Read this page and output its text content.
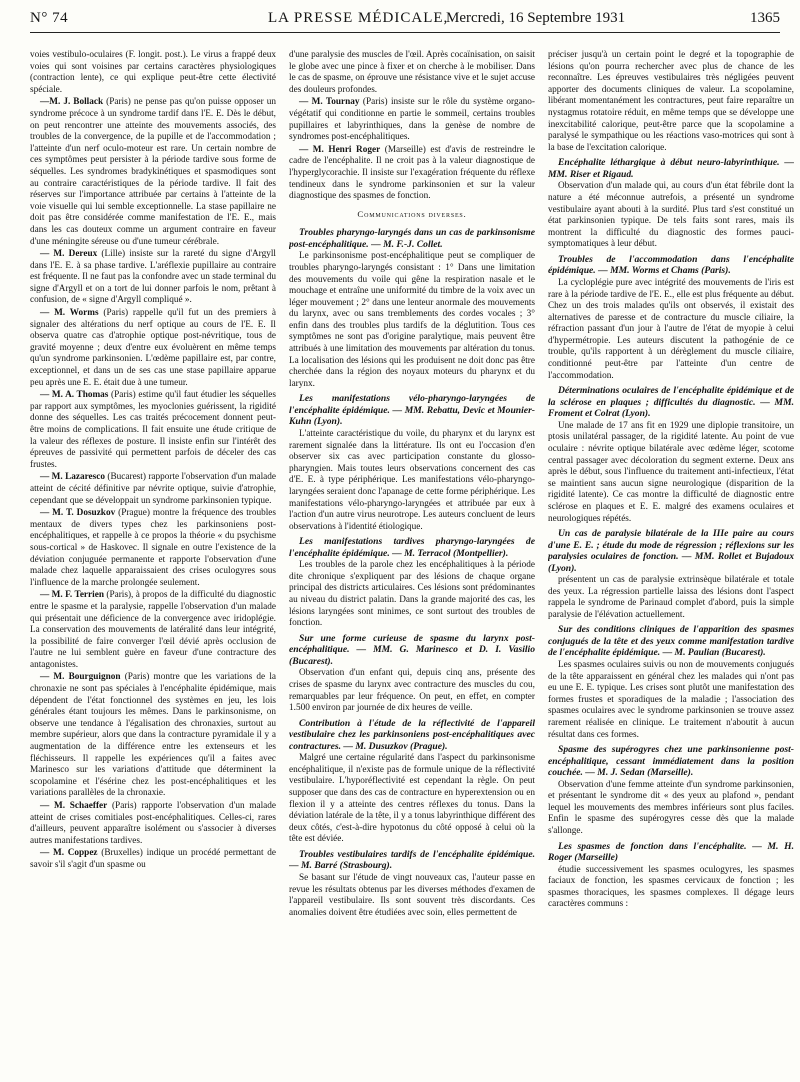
N° 74	LA PRESSE MÉDICALE,
Mercredi, 16 Septembre 1931	1365

voies vestibulo-oculaires (F. longit. post.). Le virus a frappé deux voies qui sont voisines par certains caractères physiologiques (contraction lente), ce qui explique peut-être cette électivité spéciale.

—M. J. Bollack (Paris) ne pense pas qu'on puisse opposer un syndrome précoce à un syndrome tardif dans l'E. E. Dès le début, on peut rencontrer une atteinte des mouvements associés, des troubles de la convergence, de la pupille et de l'accommodation ; l'atteinte d'un nerf oculo-moteur est rare. Un certain nombre de ces symptômes peut persister à la période tardive sous forme de séquelles. Les syndromes bradykinétiques et spasmodiques sont au contraire caractéristiques de la période tardive. Il fait des réserves sur l'importance attribuée par certains à l'atteinte de la voie visuelle qui lui semble exceptionnelle. La stase papillaire ne doit pas être considérée comme manifestation de l'E. E., mais dans les cas douteux comme un argument contraire en faveur d'une méningite séreuse ou d'une tumeur cérébrale.

— M. Dereux (Lille) insiste sur la rareté du signe d'Argyll dans l'E. E. à sa phase tardive. L'aréflexie pupillaire au contraire est fréquente. Il ne faut pas la confondre avec un stade terminal du signe d'Argyll et on a tort de lui donner parfois le nom, prêtant à confusion, de « signe d'Argyll compliqué ».

— M. Worms (Paris) rappelle qu'il fut un des premiers à signaler des altérations du nerf optique au cours de l'E. E. Il observa quatre cas d'atrophie optique post-névritique, tous de gravité moyenne ; deux d'entre eux évoluèrent en même temps qu'un syndrome parkinsonien. L'œdème papillaire est, par contre, exceptionnel, et dans un de ses cas une stase papillaire apparue peu après une E. E. était due à une tumeur.

— M. A. Thomas (Paris) estime qu'il faut étudier les séquelles par rapport aux symptômes, les myoclonies guérissent, la rigidité donne des séquelles. Les cas traités précocement donnent peut-être moins de complications. Il fait ensuite une étude critique de la valeur des réflexes de posture. Il insiste enfin sur l'intérêt des épreuves de passivité qui permettent parfois de déceler des cas frustes.

— M. Lazaresco (Bucarest) rapporte l'observation d'un malade atteint de cécité définitive par névrite optique, suivie d'atrophie, cependant que se développait un syndrome parkinsonien typique.

— M. T. Dosuzkov (Prague) montre la fréquence des troubles mentaux de divers types chez les parkinsoniens post-encéphalitiques, et rappelle à ce propos la théorie « du psychisme sous-cortical » de Haskovec. Il signale en outre l'existence de la déviation conjuguée permanente et rapporte l'observation d'une malade chez laquelle apparaissaient des crises oculogyres sous l'influence de la marche prolongée seulement.

— M. F. Terrien (Paris), à propos de la difficulté du diagnostic entre le spasme et la paralysie, rappelle l'observation d'un malade qui présentait une déficience de la convergence avec iridoplégie. La conservation des mouvements de latéralité dans leur intégrité, la possibilité de faire converger l'œil dévié après occlusion de l'autre ne lui semblent guère en faveur d'une contracture des antagonistes.

— M. Bourguignon (Paris) montre que les variations de la chronaxie ne sont pas spéciales à l'encéphalite épidémique, mais dépendent de l'état fonctionnel des systèmes en jeu, les lois générales étant toujours les mêmes. Dans le parkinsonisme, on observe une tendance à l'égalisation des chronaxies, surtout au membre supérieur, alors que dans la contracture pyramidale il y a augmentation de la différence entre les extenseurs et les fléchisseurs. Il rappelle les expériences qu'il a faites avec Marinesco sur les variations d'attitude que déterminent la scopolamine et l'ésérine chez les post-encéphalitiques et les variations parallèles de la chronaxie.

— M. Schaeffer (Paris) rapporte l'observation d'un malade atteint de crises comitiales post-encéphalitiques. Celles-ci, rares d'ailleurs, peuvent apparaître isolément ou s'associer à diverses autres manifestations tardives.

— M. Coppez (Bruxelles) indique un procédé permettant de savoir s'il s'agit d'un spasme ou

d'une paralysie des muscles de l'œil. Après cocaïnisation, on saisit le globe avec une pince à fixer et on cherche à le mobiliser. Dans le cas de spasme, on éprouve une résistance vive et le sujet accuse des douleurs profondes.

— M. Tournay (Paris) insiste sur le rôle du système organo-végétatif qui conditionne en partie le sommeil, certains troubles pupillaires et labyrinthiques, dans la genèse de nombre de syndromes post-encéphalitiques.

— M. Henri Roger (Marseille) est d'avis de restreindre le cadre de l'encéphalite. Il ne croit pas à la valeur diagnostique de l'hyperglycorachie. Il insiste sur l'exagération fréquente du réflexe tendineux dans le syndrome parkinsonien et sur la valeur diagnostique des spasmes de fonction.

Communications diverses.
Troubles pharyngo-laryngés dans un cas de parkinsonisme post-encéphalitique. — M. F.-J. Collet.

Le parkinsonisme post-encéphalitique peut se compliquer de troubles pharyngo-laryngés consistant : 1° Dans une limitation des mouvements du voile qui gêne la respiration nasale et le mouchage et entraîne une uniformité du timbre de la voix avec un léger mouvement ; 2° dans une lenteur anormale des mouvements du larynx, avec ou sans tremblements des cordes vocales ; 3° enfin dans des troubles plus tardifs de la déglutition. Tous ces symptômes ne sont pas d'origine paralytique, mais peuvent être attribués à une limitation des mouvements par altération du tonus. La localisation des lésions qui les produisent ne doit donc pas être cherchée dans la région des noyaux moteurs du pharynx et du larynx.

Les manifestations vélo-pharyngo-laryngées de l'encéphalite épidémique. — MM. Rebattu, Devic et Mounier-Kuhn (Lyon).

L'atteinte caractéristique du voile, du pharynx et du larynx est rarement signalée dans la littérature. Ils ont eu l'occasion d'en observer six cas avec participation constante du glosso-pharyngien. Mais toutes leurs observations concernent des cas d'E. E. à type périphérique. Les manifestations vélo-pharyngo-laryngées seraient donc l'apanage de cette forme périphérique. Les manifestations vélo-pharyngo-laryngées et attribuée par eux à l'action d'un autre virus neurotrope. Les auteurs concluent de leurs observations à l'identité étiologique.

Les manifestations tardives pharyngo-laryngées de l'encéphalite épidémique. — M. Terracol (Montpellier).

Les troubles de la parole chez les encéphalitiques à la période dite chronique s'expliquent par des lésions de chaque organe principal des districts articulaires. Ces lésions sont prédominantes au niveau du district palatin. Dans la grande majorité des cas, les lésions laryngées sont minimes, ce sont surtout des troubles de fonction.

Sur une forme curieuse de spasme du larynx post-encéphalitique. — MM. G. Marinesco et D. I. Vasilio (Bucarest).

Observation d'un enfant qui, depuis cinq ans, présente des crises de spasme du larynx avec contracture des muscles du cou, remarquables par leur fréquence. On peut, en effet, en compter 1.500 environ par journée de dix heures de veille.

Contribution à l'étude de la réflectivité de l'appareil vestibulaire chez les parkinsoniens post-encéphalitiques avec contractures. — M. Dusuzkov (Prague).

Malgré une certaine régularité dans l'aspect du parkinsonisme encéphalitique, il n'existe pas de formule unique de la réflectivité vestibulaire. L'hyporéflectivité est cependant la règle. On peut supposer que dans des cas de contracture en hyperextension ou en flexion il y a atteinte des centres réflexes du tonus. Dans la déviation latérale de la tête, il y a tonus labyrinthique différent des deux côtés, c'est-à-dire hypotonus du côté opposé à celui où la tête est déviée.

Troubles vestibulaires tardifs de l'encéphalite épidémique. — M. Barré (Strasbourg).

Se basant sur l'étude de vingt nouveaux cas, l'auteur passe en revue les résultats obtenus par les diverses méthodes d'examen de l'appareil vestibulaire. Ils sont souvent très discordants. Ces anomalies doivent être étudiées avec soin, elles permettent de

préciser jusqu'à un certain point le degré et la topographie de lésions qu'on pourra rechercher avec plus de chance de les reconnaître. Les épreuves vestibulaires très négligées peuvent apporter des documents cliniques de valeur. La scopolamine, libérant momentanément les contractures, peut faire reparaître un nystagmus rotatoire réduit, en même temps que se développe une inexcitabilité calorique, peut-être parce que la scopolamine a paralysé le sympathique ou les réactions vaso-motrices qui sont à la base de l'excitation calorique.

Encéphalite léthargique à début neuro-labyrinthique. — MM. Riser et Rigaud.

Observation d'un malade qui, au cours d'un état fébrile dont la nature a été méconnue autrefois, a présenté un syndrome vestibulaire ayant abouti à la surdité. Plus tard s'est constitué un état parkinsonien typique. De tels faits sont rares, mais ils montrent la difficulté du diagnostic des formes pauci-symptomatiques à leur début.

Troubles de l'accommodation dans l'encéphalite épidémique. — MM. Worms et Chams (Paris).

La cycloplégie pure avec intégrité des mouvements de l'iris est rare à la période tardive de l'E. E., elle est plus fréquente au début. Chez un des trois malades qu'ils ont observés, il existait des alternatives de paresse et de contracture du muscle ciliaire, la réfraction passant d'un jour à l'autre de l'état de myopie à celui d'hypermétropie. Les auteurs discutent la pathogénie de ce trouble, qu'ils rapportent à un dérèglement du muscle ciliaire, conditionné peut-être par l'atteinte d'un centre de l'accommodation.

Déterminations oculaires de l'encéphalite épidémique et de la sclérose en plaques ; difficultés du diagnostic. — MM. Froment et Colrat (Lyon).

Une malade de 17 ans fit en 1929 une diplopie transitoire, un ptosis unilatéral passager, de la rigidité latente. Au point de vue oculaire : névrite optique bilatérale avec œdème léger, scotome central passager avec décoloration du segment externe. Deux ans après le début, sous l'influence du traitement anti-infectieux, l'état se maintient sans aucun signe neurologique (disparition de la rigidité latente). Ce cas montre la difficulté de diagnostic entre sclérose en plaques et E. E. malgré des examens oculaires et neurologiques répétés.

Un cas de paralysie bilatérale de la IIIe paire au cours d'une E. E. ; étude du mode de régression ; réflexions sur les paralysies oculaires de fonction. — MM. Rollet et Bujadoux (Lyon).

présentent un cas de paralysie extrinsèque bilatérale et totale des yeux. La régression partielle laissa des lésions dont l'aspect rappela le syndrome de Parinaud complet d'abord, puis la simple paralysie de l'élévation actuellement.

Sur des conditions cliniques de l'apparition des spasmes conjugués de la tête et des yeux comme manifestation tardive de l'encéphalite épidémique. — M. Paulian (Bucarest).

Les spasmes oculaires suivis ou non de mouvements conjugués de la tête apparaissent en général chez les malades qui n'ont pas eu une E. E. typique. Les crises sont plutôt une manifestation des formes frustes et sporadiques de la maladie ; l'association des spasmes oculaires avec le syndrome parkinsonien se trouve assez rarement réalisée en clinique. Le traitement n'aboutit à aucun résultat dans ces formes.

Spasme des supérogyres chez une parkinsonienne post-encéphalitique, cessant immédiatement dans la position couchée. — M. J. Sedan (Marseille).

Observation d'une femme atteinte d'un syndrome parkinsonien, et présentant le syndrome dit « des yeux au plafond », pendant lequel les mouvements des membres inférieurs sont plus faciles. Enfin le spasme des supérogyres cesse dès que la malade s'allonge.

Les spasmes de fonction dans l'encéphalite. — M. H. Roger (Marseille)

étudie successivement les spasmes oculogyres, les spasmes faciaux de fonction, les spasmes cervicaux de fonction ; les spasmes thoraciques, les spasmes complexes. Il dégage leurs caractères communs :
